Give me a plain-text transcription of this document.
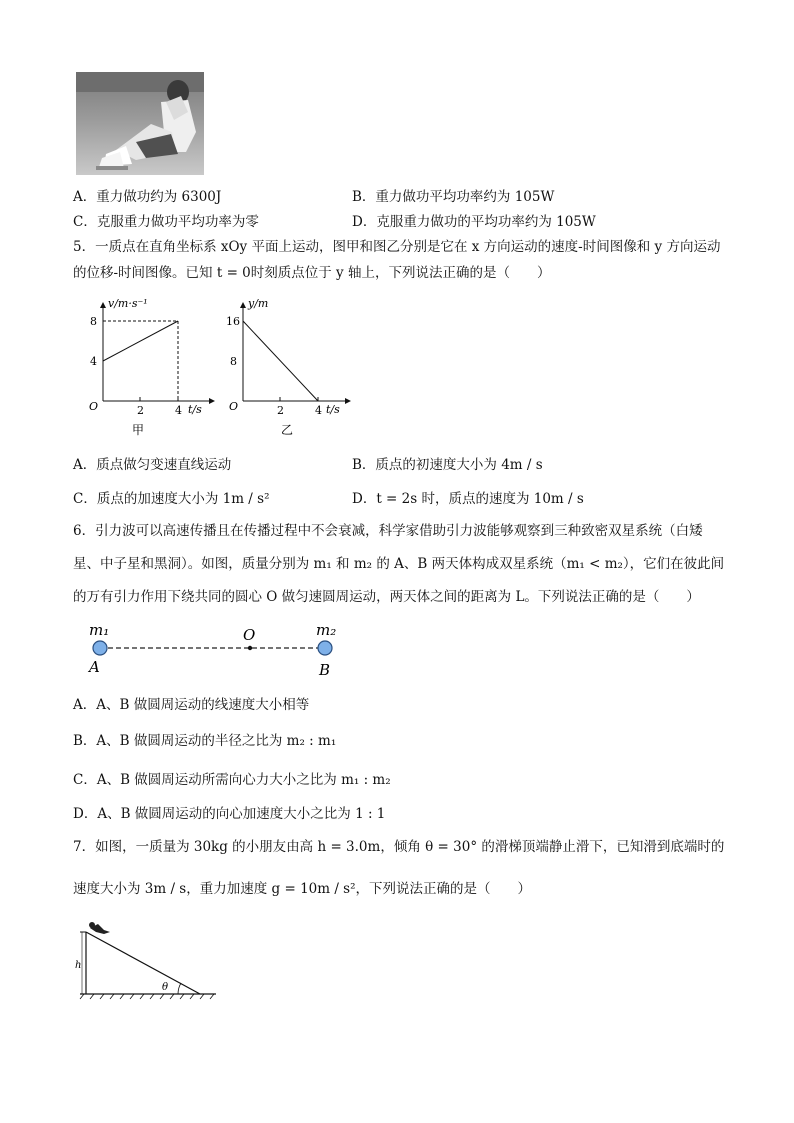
A．重力做功约为 6300J	B．重力做功平均功率约为 105W
C．克服重力做功平均功率为零	D．克服重力做功的平均功率约为 105W
5．一质点在直角坐标系 xOy 平面上运动，图甲和图乙分别是它在 x 方向运动的速度-时间图像和 y 方向运动
的位移-时间图像。已知 t = 0时刻质点位于 y 轴上，下列说法正确的是（　　）
v/m·s⁻¹
t/s
O
4
8
2	4
甲
y/m
t/s
O
8
16
2	4
乙
A．质点做匀变速直线运动	B．质点的初速度大小为 4m / s
C．质点的加速度大小为 1m / s²	D．t = 2s 时，质点的速度为 10m / s
6．引力波可以高速传播且在传播过程中不会衰减，科学家借助引力波能够观察到三种致密双星系统（白矮
星、中子星和黑洞）。如图，质量分别为 m₁ 和 m₂ 的 A、B 两天体构成双星系统（m₁ < m₂），它们在彼此间
的万有引力作用下绕共同的圆心 O 做匀速圆周运动，两天体之间的距离为 L。下列说法正确的是（　　）
m₁	m₂
O
A	B
A．A、B 做圆周运动的线速度大小相等
B．A、B 做圆周运动的半径之比为 m₂ : m₁
C．A、B 做圆周运动所需向心力大小之比为 m₁ : m₂
D．A、B 做圆周运动的向心加速度大小之比为 1 : 1
7．如图，一质量为 30kg 的小朋友由高 h = 3.0m，倾角 θ = 30° 的滑梯顶端静止滑下，已知滑到底端时的
速度大小为 3m / s，重力加速度 g = 10m / s²，下列说法正确的是（　　）
h
θ
